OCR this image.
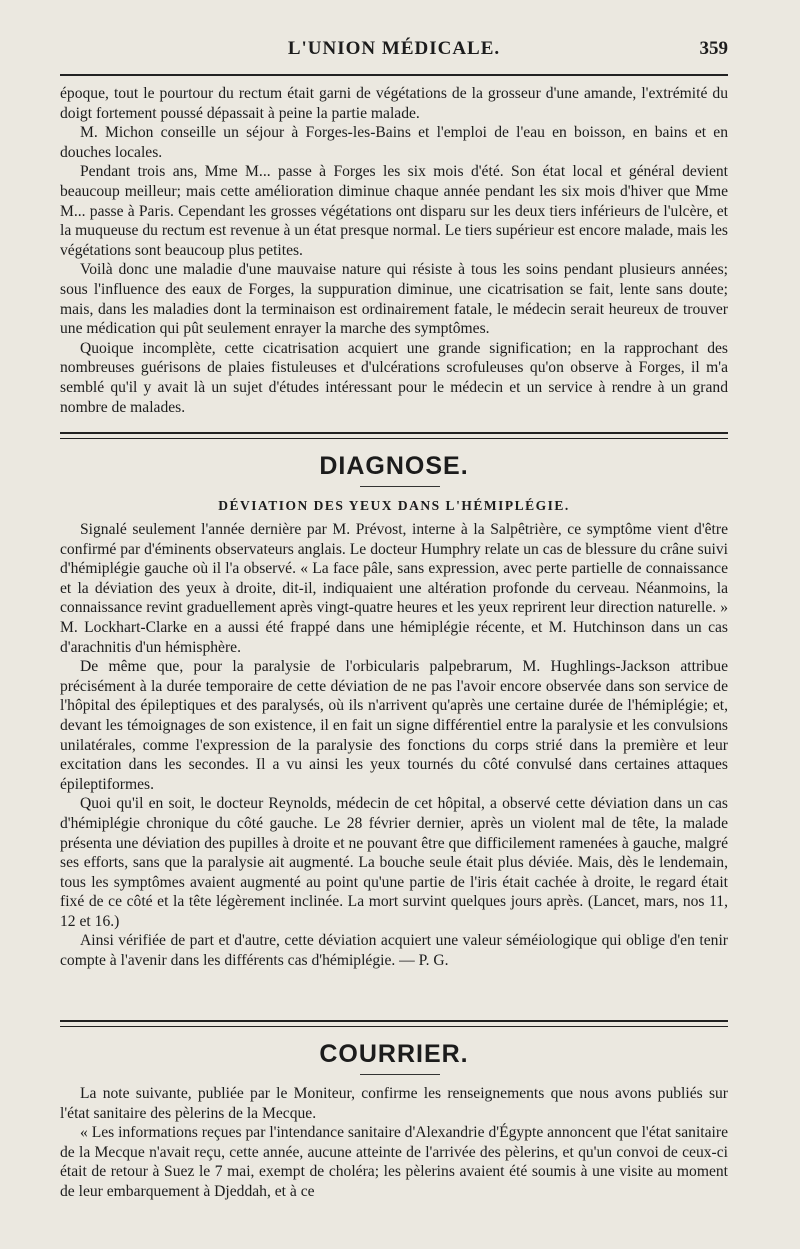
L'UNION MÉDICALE.	359

époque, tout le pourtour du rectum était garni de végétations de la grosseur d'une amande, l'extrémité du doigt fortement poussé dépassait à peine la partie malade.

M. Michon conseille un séjour à Forges-les-Bains et l'emploi de l'eau en boisson, en bains et en douches locales.

Pendant trois ans, Mme M... passe à Forges les six mois d'été. Son état local et général devient beaucoup meilleur; mais cette amélioration diminue chaque année pendant les six mois d'hiver que Mme M... passe à Paris. Cependant les grosses végétations ont disparu sur les deux tiers inférieurs de l'ulcère, et la muqueuse du rectum est revenue à un état presque normal. Le tiers supérieur est encore malade, mais les végétations sont beaucoup plus petites.

Voilà donc une maladie d'une mauvaise nature qui résiste à tous les soins pendant plusieurs années; sous l'influence des eaux de Forges, la suppuration diminue, une cicatrisation se fait, lente sans doute; mais, dans les maladies dont la terminaison est ordinairement fatale, le médecin serait heureux de trouver une médication qui pût seulement enrayer la marche des symptômes.

Quoique incomplète, cette cicatrisation acquiert une grande signification; en la rapprochant des nombreuses guérisons de plaies fistuleuses et d'ulcérations scrofuleuses qu'on observe à Forges, il m'a semblé qu'il y avait là un sujet d'études intéressant pour le médecin et un service à rendre à un grand nombre de malades.

DIAGNOSE.
DÉVIATION DES YEUX DANS L'HÉMIPLÉGIE.

Signalé seulement l'année dernière par M. Prévost, interne à la Salpêtrière, ce symptôme vient d'être confirmé par d'éminents observateurs anglais. Le docteur Humphry relate un cas de blessure du crâne suivi d'hémiplégie gauche où il l'a observé. « La face pâle, sans expression, avec perte partielle de connaissance et la déviation des yeux à droite, dit-il, indiquaient une altération profonde du cerveau. Néanmoins, la connaissance revint graduellement après vingt-quatre heures et les yeux reprirent leur direction naturelle. » M. Lockhart-Clarke en a aussi été frappé dans une hémiplégie récente, et M. Hutchinson dans un cas d'arachnitis d'un hémisphère.

De même que, pour la paralysie de l'orbicularis palpebrarum, M. Hughlings-Jackson attribue précisément à la durée temporaire de cette déviation de ne pas l'avoir encore observée dans son service de l'hôpital des épileptiques et des paralysés, où ils n'arrivent qu'après une certaine durée de l'hémiplégie; et, devant les témoignages de son existence, il en fait un signe différentiel entre la paralysie et les convulsions unilatérales, comme l'expression de la paralysie des fonctions du corps strié dans la première et leur excitation dans les secondes. Il a vu ainsi les yeux tournés du côté convulsé dans certaines attaques épileptiformes.

Quoi qu'il en soit, le docteur Reynolds, médecin de cet hôpital, a observé cette déviation dans un cas d'hémiplégie chronique du côté gauche. Le 28 février dernier, après un violent mal de tête, la malade présenta une déviation des pupilles à droite et ne pouvant être que difficilement ramenées à gauche, malgré ses efforts, sans que la paralysie ait augmenté. La bouche seule était plus déviée. Mais, dès le lendemain, tous les symptômes avaient augmenté au point qu'une partie de l'iris était cachée à droite, le regard était fixé de ce côté et la tête légèrement inclinée. La mort survint quelques jours après. (Lancet, mars, nos 11, 12 et 16.)

Ainsi vérifiée de part et d'autre, cette déviation acquiert une valeur séméiologique qui oblige d'en tenir compte à l'avenir dans les différents cas d'hémiplégie. — P. G.

COURRIER.

La note suivante, publiée par le Moniteur, confirme les renseignements que nous avons publiés sur l'état sanitaire des pèlerins de la Mecque.

« Les informations reçues par l'intendance sanitaire d'Alexandrie d'Égypte annoncent que l'état sanitaire de la Mecque n'avait reçu, cette année, aucune atteinte de l'arrivée des pèlerins, et qu'un convoi de ceux-ci était de retour à Suez le 7 mai, exempt de choléra; les pèlerins avaient été soumis à une visite au moment de leur embarquement à Djeddah, et à ce
